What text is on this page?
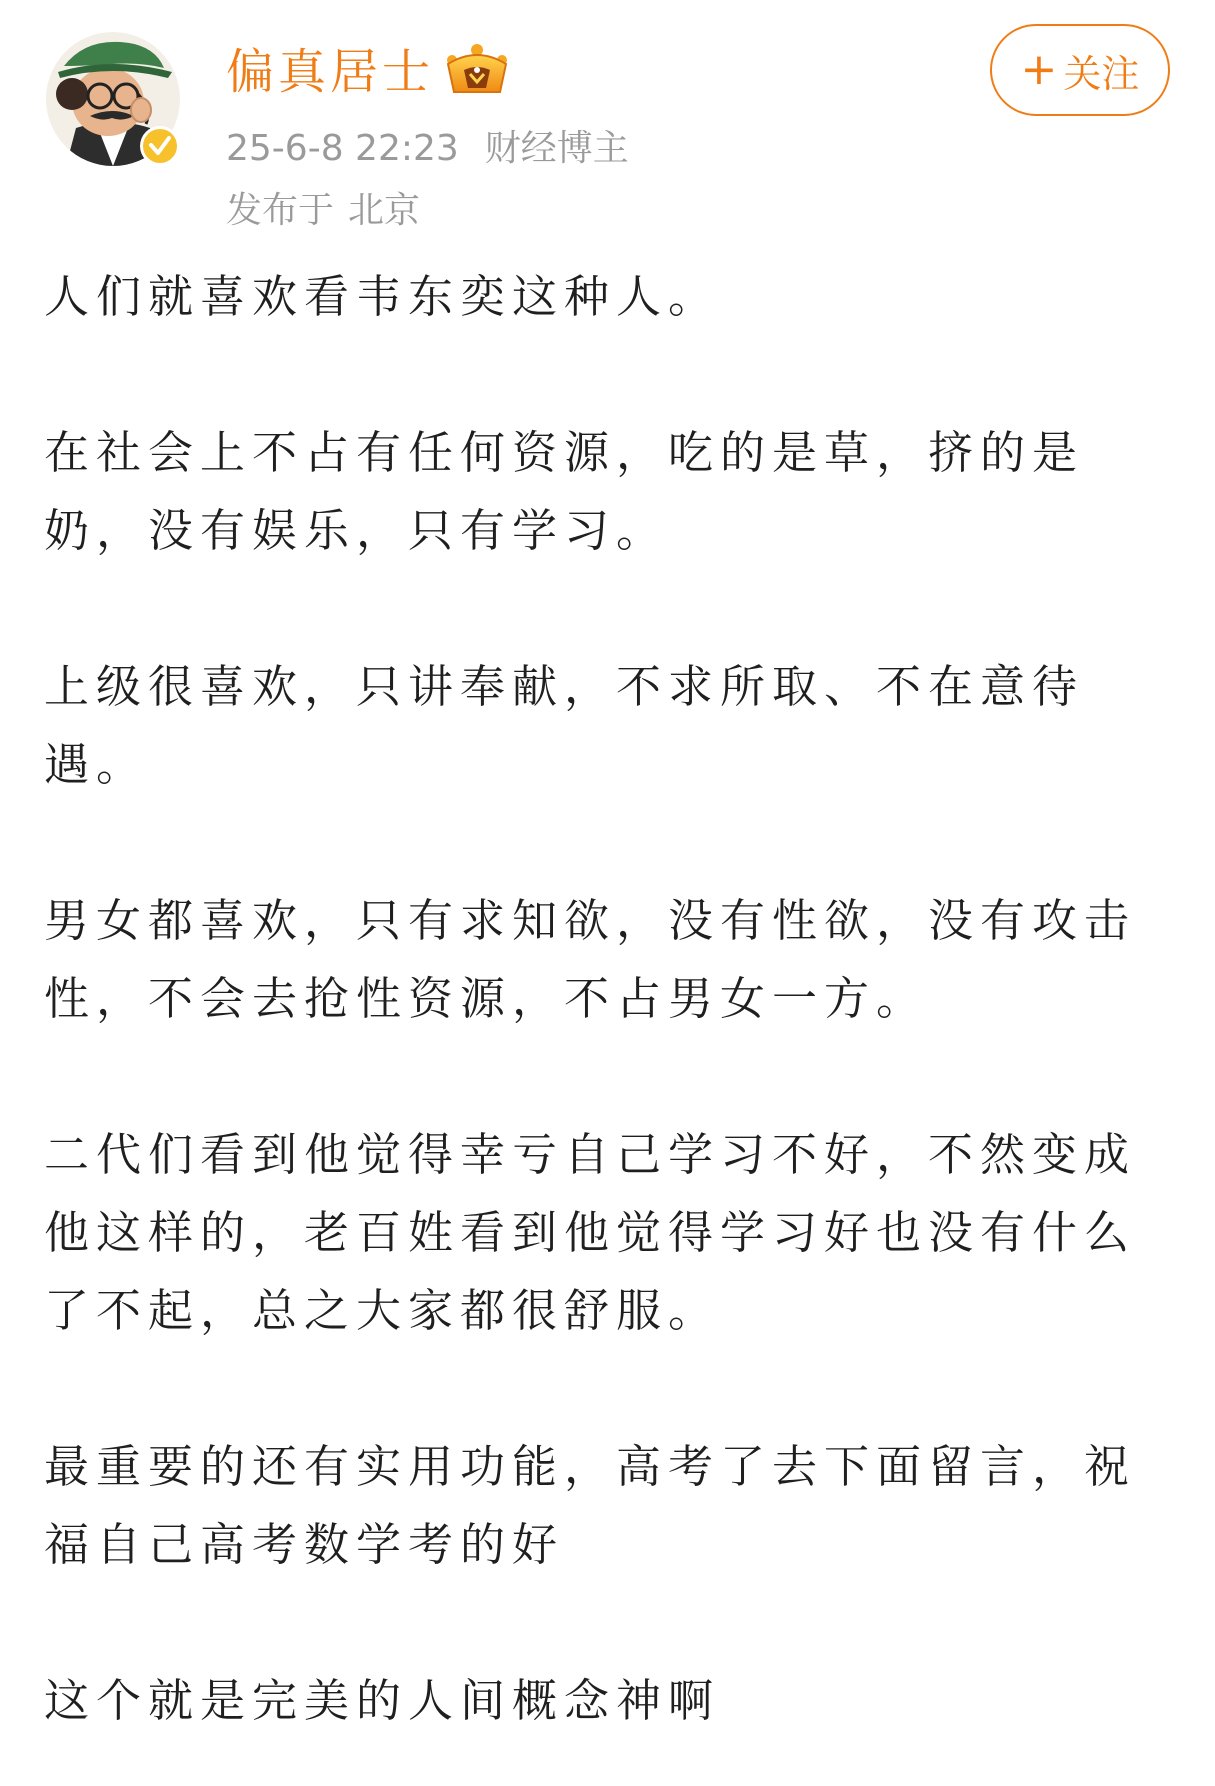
偏真居士
25-6-8 22:23 财经博主
发布于 北京
+ 关注

人们就喜欢看韦东奕这种人。

在社会上不占有任何资源，吃的是草，挤的是奶，没有娱乐，只有学习。

上级很喜欢，只讲奉献，不求所取、不在意待遇。

男女都喜欢，只有求知欲，没有性欲，没有攻击性，不会去抢性资源，不占男女一方。

二代们看到他觉得幸亏自己学习不好，不然变成他这样的，老百姓看到他觉得学习好也没有什么了不起，总之大家都很舒服。

最重要的还有实用功能，高考了去下面留言，祝福自己高考数学考的好

这个就是完美的人间概念神啊
